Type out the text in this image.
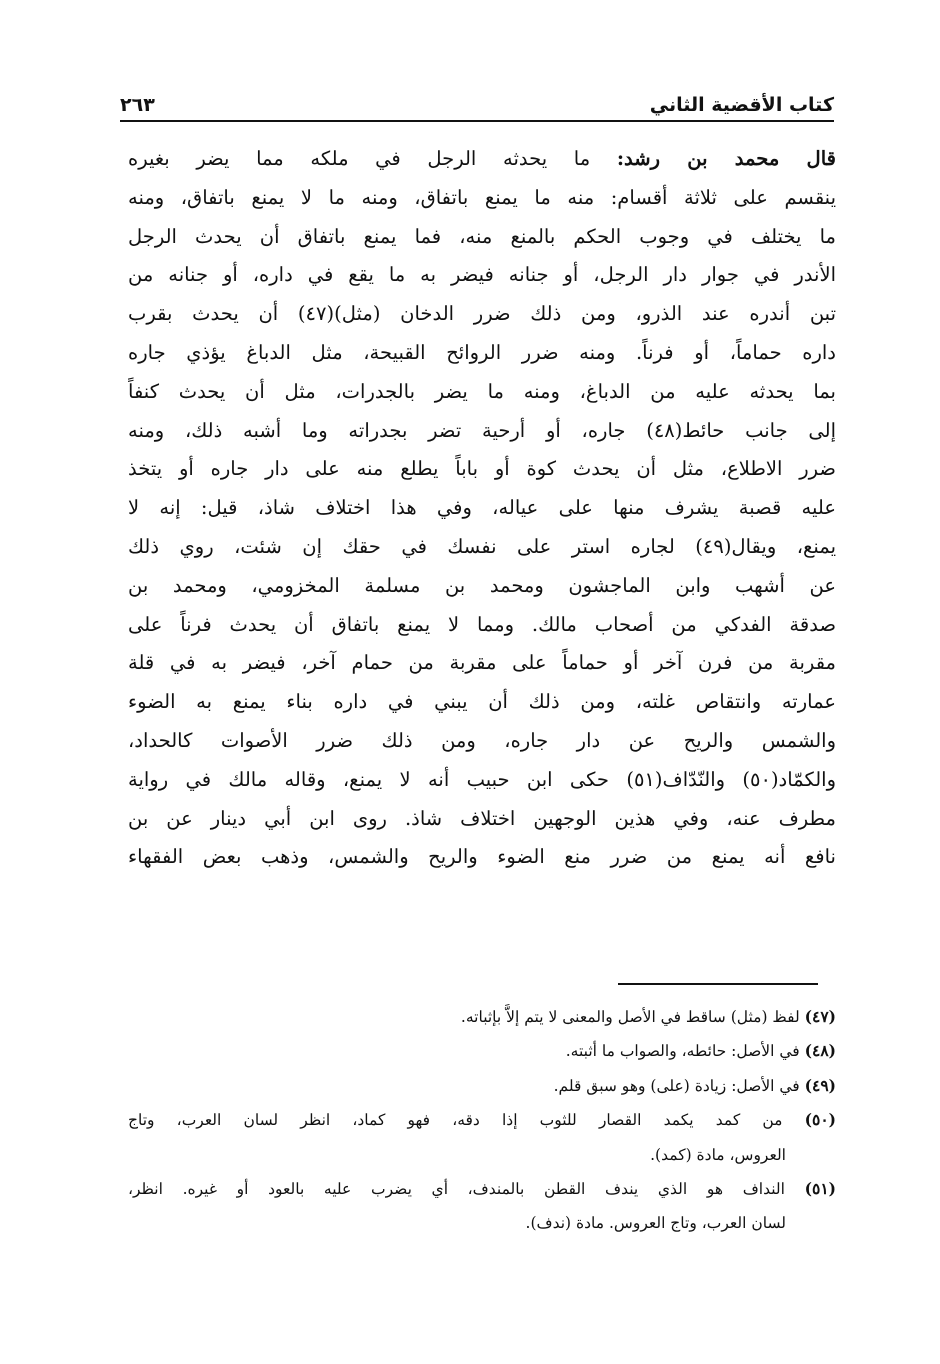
كتاب الأقضية الثاني
٢٦٣
قال محمد بن رشد: ما يحدثه الرجل في ملكه مما يضر بغيره
ينقسم على ثلاثة أقسام: منه ما يمنع باتفاق، ومنه ما لا يمنع باتفاق، ومنه
ما يختلف في وجوب الحكم بالمنع منه، فما يمنع باتفاق أن يحدث الرجل
الأندر في جوار دار الرجل، أو جنانه فيضر به ما يقع في داره، أو جنانه من
تبن أندره عند الذرو، ومن ذلك ضرر الدخان (مثل)(٤٧) أن يحدث بقرب
داره حماماً، أو فرناً. ومنه ضرر الروائح القبيحة، مثل الدباغ يؤذي جاره
بما يحدثه عليه من الدباغ، ومنه ما يضر بالجدرات، مثل أن يحدث كنفاً
إلى جانب حائط(٤٨) جاره، أو أرحية تضر بجدراته وما أشبه ذلك، ومنه
ضرر الاطلاع، مثل أن يحدث كوة أو باباً يطلع منه على دار جاره أو يتخذ
عليه قصبة يشرف منها على عياله، وفي هذا اختلاف شاذ، قيل: إنه لا
يمنع، ويقال(٤٩) لجاره استر على نفسك في حقك إن شئت، روي ذلك
عن أشهب وابن الماجشون ومحمد بن مسلمة المخزومي، ومحمد بن
صدقة الفدكي من أصحاب مالك. ومما لا يمنع باتفاق أن يحدث فرناً على
مقربة من فرن آخر أو حماماً على مقربة من حمام آخر، فيضر به في قلة
عمارته وانتقاص غلته، ومن ذلك أن يبني في داره بناء يمنع به الضوء
والشمس والريح عن دار جاره، ومن ذلك ضرر الأصوات كالحداد،
والكمّاد(٥٠) والنّدّاف(٥١) حكى ابن حبيب أنه لا يمنع، وقاله مالك في رواية
مطرف عنه، وفي هذين الوجهين اختلاف شاذ. روى ابن أبي دينار عن بن
نافع أنه يمنع من ضرر منع الضوء والريح والشمس، وذهب بعض الفقهاء
(٤٧) لفظ (مثل) ساقط في الأصل والمعنى لا يتم إلاَّ بإثباته.
(٤٨) في الأصل: حائطه، والصواب ما أثبته.
(٤٩) في الأصل: زيادة (على) وهو سبق قلم.
(٥٠) من كمد يكمد القصار للثوب إذا دقه، فهو كماد، انظر لسان العرب، وتاج
العروس، مادة (كمد).
(٥١) النداف هو الذي يندف القطن بالمندف، أي يضرب عليه بالعود أو غيره. انظر،
لسان العرب، وتاج العروس. مادة (ندف).
